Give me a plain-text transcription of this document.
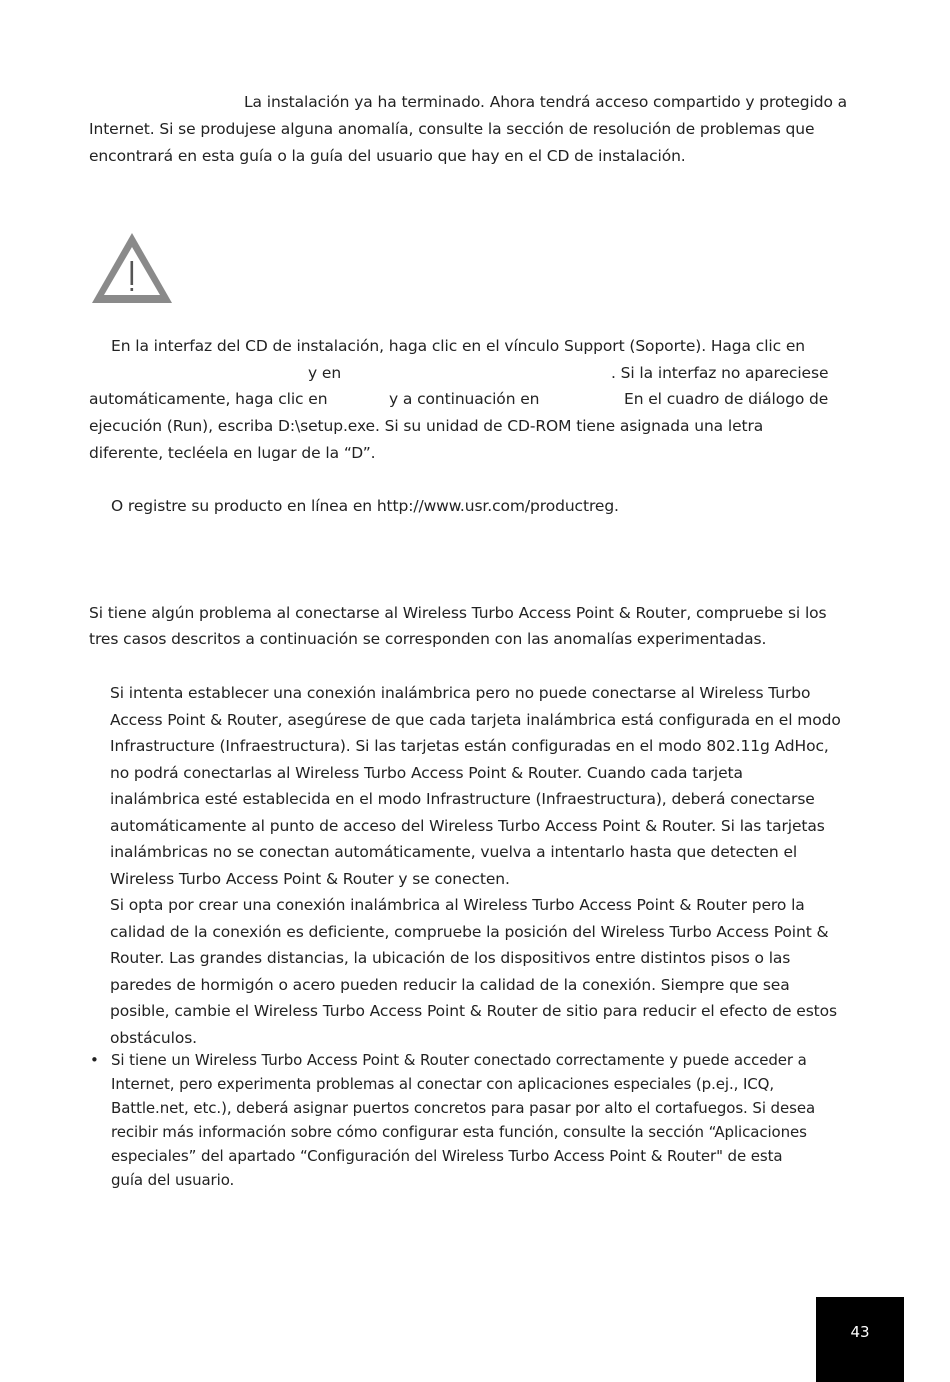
La instalación ya ha terminado. Ahora tendrá acceso compartido y protegido a
Internet. Si se produjese alguna anomalía, consulte la sección de resolución de problemas que
encontrará en esta guía o la guía del usuario que hay en el CD de instalación.
En la interfaz del CD de instalación, haga clic en el vínculo Support (Soporte). Haga clic en
y en	. Si la interfaz no apareciese
automáticamente, haga clic en	y a continuación en	En el cuadro de diálogo de
ejecución (Run), escriba D:\setup.exe. Si su unidad de CD-ROM tiene asignada una letra
diferente, tecléela en lugar de la “D”.
O registre su producto en línea en http://www.usr.com/productreg.
Si tiene algún problema al conectarse al Wireless Turbo Access Point & Router, compruebe si los
tres casos descritos a continuación se corresponden con las anomalías experimentadas.
Si intenta establecer una conexión inalámbrica pero no puede conectarse al Wireless Turbo
Access Point & Router, asegúrese de que cada tarjeta inalámbrica está configurada en el modo
Infrastructure (Infraestructura). Si las tarjetas están configuradas en el modo 802.11g AdHoc,
no podrá conectarlas al Wireless Turbo Access Point & Router. Cuando cada tarjeta
inalámbrica esté establecida en el modo Infrastructure (Infraestructura), deberá conectarse
automáticamente al punto de acceso del Wireless Turbo Access Point & Router. Si las tarjetas
inalámbricas no se conectan automáticamente, vuelva a intentarlo hasta que detecten el
Wireless Turbo Access Point & Router y se conecten.
Si opta por crear una conexión inalámbrica al Wireless Turbo Access Point & Router pero la
calidad de la conexión es deficiente, compruebe la posición del Wireless Turbo Access Point &
Router. Las grandes distancias, la ubicación de los dispositivos entre distintos pisos o las
paredes de hormigón o acero pueden reducir la calidad de la conexión. Siempre que sea
posible, cambie el Wireless Turbo Access Point & Router de sitio para reducir el efecto de estos
obstáculos.
• Si tiene un Wireless Turbo Access Point & Router conectado correctamente y puede acceder a
Internet, pero experimenta problemas al conectar con aplicaciones especiales (p.ej., ICQ,
Battle.net, etc.), deberá asignar puertos concretos para pasar por alto el cortafuegos. Si desea
recibir más información sobre cómo configurar esta función, consulte la sección “Aplicaciones
especiales” del apartado “Configuración del Wireless Turbo Access Point & Router" de esta
guía del usuario.
43
